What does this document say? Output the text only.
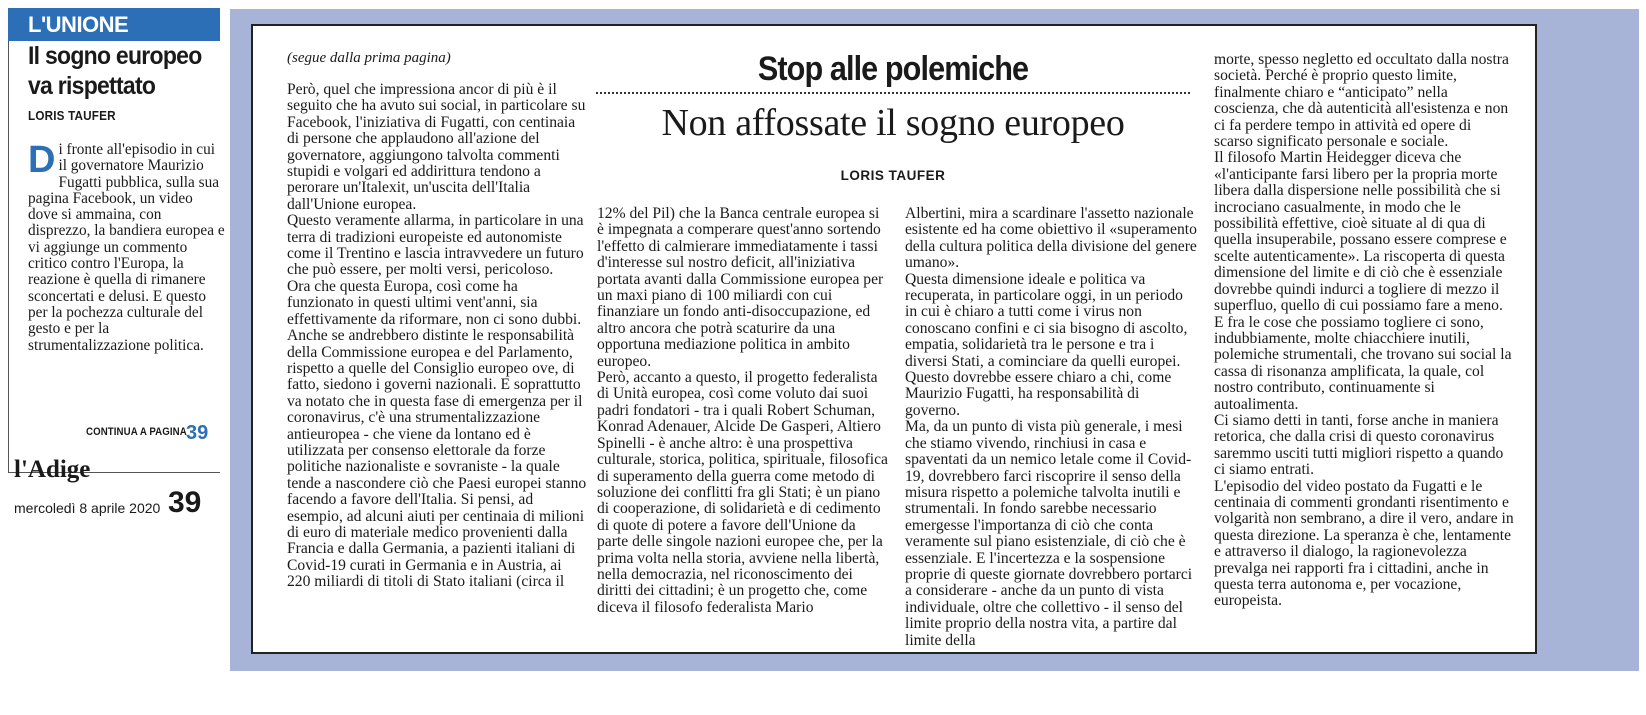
L'UNIONE
Il sogno europeo va rispettato
LORIS TAUFER
Di fronte all'episodio in cui il governatore Maurizio Fugatti pubblica, sulla sua pagina Facebook, un video dove si ammaina, con disprezzo, la bandiera europea e vi aggiunge un commento critico contro l'Europa, la reazione è quella di rimanere sconcertati e delusi. E questo per la pochezza culturale del gesto e per la strumentalizzazione politica.
CONTINUA A PAGINA 39
l'Adige
mercoledì 8 aprile 2020 39
(segue dalla prima pagina)	Stop alle polemiche
Non affossate il sogno europeo
LORIS TAUFER

Però, quel che impressiona ancor di più è il seguito che ha avuto sui social, in particolare su Facebook, l'iniziativa di Fugatti, con centinaia di persone che applaudono all'azione del governatore, aggiungono talvolta commenti stupidi e volgari ed addirittura tendono a perorare un'Italexit, un'uscita dell'Italia dall'Unione europea.

Questo veramente allarma, in particolare in una terra di tradizioni europeiste ed autonomiste come il Trentino e lascia intravvedere un futuro che può essere, per molti versi, pericoloso.

Ora che questa Europa, così come ha funzionato in questi ultimi vent'anni, sia effettivamente da riformare, non ci sono dubbi. Anche se andrebbero distinte le responsabilità della Commissione europea e del Parlamento, rispetto a quelle del Consiglio europeo ove, di fatto, siedono i governi nazionali. E soprattutto va notato che in questa fase di emergenza per il coronavirus, c'è una strumentalizzazione antieuropea - che viene da lontano ed è utilizzata per consenso elettorale da forze politiche nazionaliste e sovraniste - la quale tende a nascondere ciò che Paesi europei stanno facendo a favore dell'Italia. Si pensi, ad esempio, ad alcuni aiuti per centinaia di milioni di euro di materiale medico provenienti dalla Francia e dalla Germania, a pazienti italiani di Covid-19 curati in Germania e in Austria, ai 220 miliardi di titoli di Stato italiani (circa il

12% del Pil) che la Banca centrale europea si è impegnata a comperare quest'anno sortendo l'effetto di calmierare immediatamente i tassi d'interesse sul nostro deficit, all'iniziativa portata avanti dalla Commissione europea per un maxi piano di 100 miliardi con cui finanziare un fondo anti-disoccupazione, ed altro ancora che potrà scaturire da una opportuna mediazione politica in ambito europeo.

Però, accanto a questo, il progetto federalista di Unità europea, così come voluto dai suoi padri fondatori - tra i quali Robert Schuman, Konrad Adenauer, Alcide De Gasperi, Altiero Spinelli - è anche altro: è una prospettiva culturale, storica, politica, spirituale, filosofica di superamento della guerra come metodo di soluzione dei conflitti fra gli Stati; è un piano di cooperazione, di solidarietà e di cedimento di quote di potere a favore dell'Unione da parte delle singole nazioni europee che, per la prima volta nella storia, avviene nella libertà, nella democrazia, nel riconoscimento dei diritti dei cittadini; è un progetto che, come diceva il filosofo federalista Mario

Albertini, mira a scardinare l'assetto nazionale esistente ed ha come obiettivo il «superamento della cultura politica della divisione del genere umano».

Questa dimensione ideale e politica va recuperata, in particolare oggi, in un periodo in cui è chiaro a tutti come i virus non conoscano confini e ci sia bisogno di ascolto, empatia, solidarietà tra le persone e tra i diversi Stati, a cominciare da quelli europei. Questo dovrebbe essere chiaro a chi, come Maurizio Fugatti, ha responsabilità di governo.

Ma, da un punto di vista più generale, i mesi che stiamo vivendo, rinchiusi in casa e spaventati da un nemico letale come il Covid-19, dovrebbero farci riscoprire il senso della misura rispetto a polemiche talvolta inutili e strumentali. In fondo sarebbe necessario emergesse l'importanza di ciò che conta veramente sul piano esistenziale, di ciò che è essenziale. E l'incertezza e la sospensione proprie di queste giornate dovrebbero portarci a considerare - anche da un punto di vista individuale, oltre che collettivo - il senso del limite proprio della nostra vita, a partire dal limite della

morte, spesso negletto ed occultato dalla nostra società. Perché è proprio questo limite, finalmente chiaro e “anticipato” nella coscienza, che dà autenticità all'esistenza e non ci fa perdere tempo in attività ed opere di scarso significato personale e sociale.

Il filosofo Martin Heidegger diceva che «l'anticipante farsi libero per la propria morte libera dalla dispersione nelle possibilità che si incrociano casualmente, in modo che le possibilità effettive, cioè situate al di qua di quella insuperabile, possano essere comprese e scelte autenticamente». La riscoperta di questa dimensione del limite e di ciò che è essenziale dovrebbe quindi indurci a togliere di mezzo il superfluo, quello di cui possiamo fare a meno. E fra le cose che possiamo togliere ci sono, indubbiamente, molte chiacchiere inutili, polemiche strumentali, che trovano sui social la cassa di risonanza amplificata, la quale, col nostro contributo, continuamente si autoalimenta.

Ci siamo detti in tanti, forse anche in maniera retorica, che dalla crisi di questo coronavirus saremmo usciti tutti migliori rispetto a quando ci siamo entrati.

L'episodio del video postato da Fugatti e le centinaia di commenti grondanti risentimento e volgarità non sembrano, a dire il vero, andare in questa direzione. La speranza è che, lentamente e attraverso il dialogo, la ragionevolezza prevalga nei rapporti fra i cittadini, anche in questa terra autonoma e, per vocazione, europeista.
